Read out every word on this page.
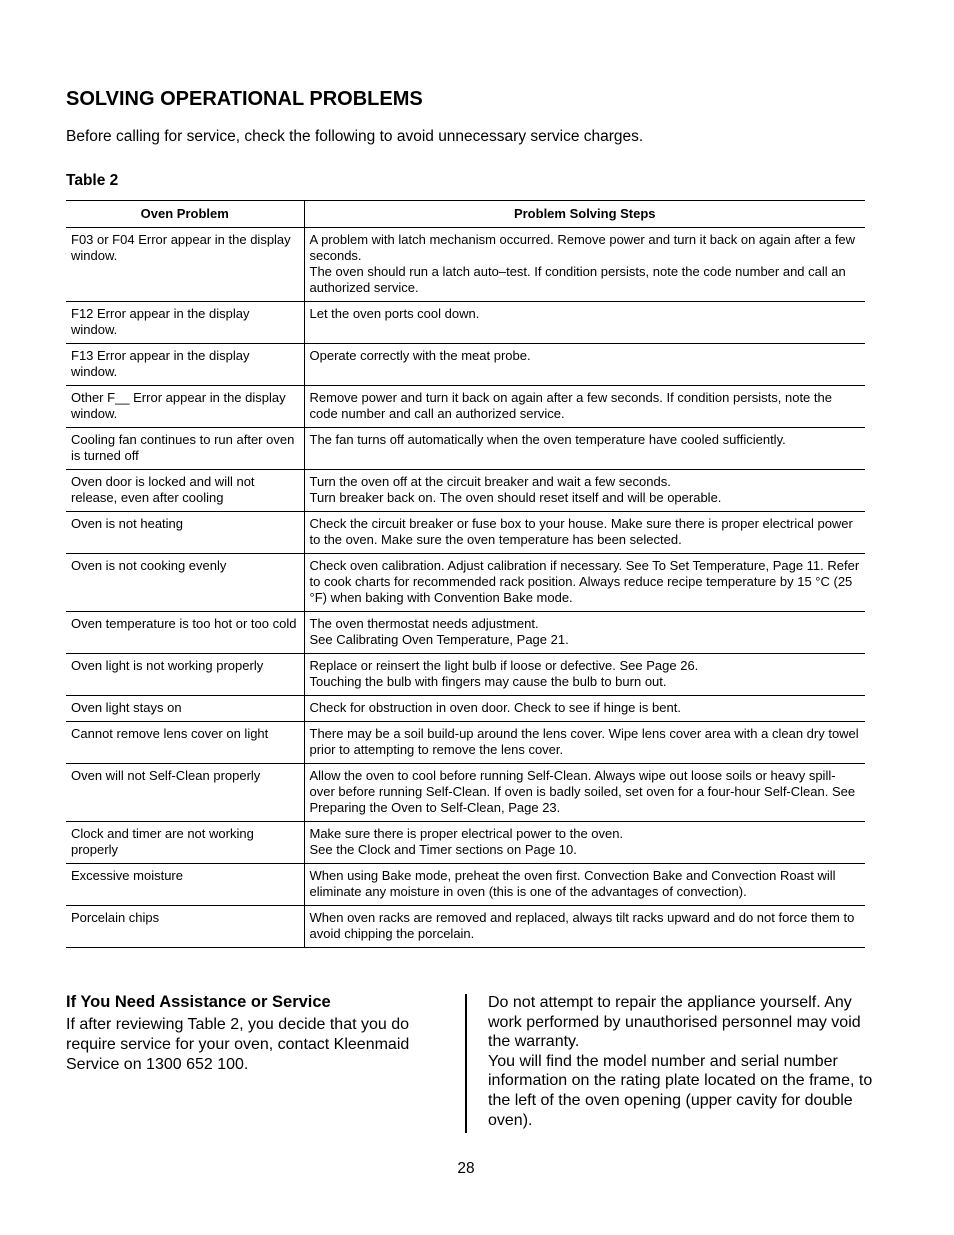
SOLVING OPERATIONAL PROBLEMS

Before calling for service, check the following to avoid unnecessary service charges.

Table 2
Oven Problem	Problem Solving Steps
F03 or F04 Error appear in the display window.	A problem with latch mechanism occurred. Remove power and turn it back on again after a few seconds.
The oven should run a latch auto–test. If condition persists, note the code number and call an authorized service.

F12 Error appear in the display window.	Let the oven ports cool down.

F13 Error appear in the display window.	Operate correctly with the meat probe.

Other F__ Error appear in the display window.	Remove power and turn it back on again after a few seconds. If condition persists, note the code number and call an authorized service.

Cooling fan continues to run after oven is turned off	The fan turns off automatically when the oven temperature have cooled sufficiently.

Oven door is locked and will not release, even after cooling	Turn the oven off at the circuit breaker and wait a few seconds.
Turn breaker back on. The oven should reset itself and will be operable.

Oven is not heating	Check the circuit breaker or fuse box to your house. Make sure there is proper electrical power to the oven. Make sure the oven temperature has been selected.

Oven is not cooking evenly	Check oven calibration. Adjust calibration if necessary. See To Set Temperature, Page 11. Refer to cook charts for recommended rack position. Always reduce recipe temperature by 15 °C (25 °F) when baking with Convention Bake mode.

Oven temperature is too hot or too cold	The oven thermostat needs adjustment.
See Calibrating Oven Temperature, Page 21.

Oven light is not working properly	Replace or reinsert the light bulb if loose or defective. See Page 26.
Touching the bulb with fingers may cause the bulb to burn out.

Oven light stays on	Check for obstruction in oven door. Check to see if hinge is bent.

Cannot remove lens cover on light	There may be a soil build-up around the lens cover. Wipe lens cover area with a clean dry towel prior to attempting to remove the lens cover.

Oven will not Self-Clean properly	Allow the oven to cool before running Self-Clean. Always wipe out loose soils or heavy spill-over before running Self-Clean. If oven is badly soiled, set oven for a four-hour Self-Clean. See Preparing the Oven to Self-Clean, Page 23.

Clock and timer are not working properly	Make sure there is proper electrical power to the oven.
See the Clock and Timer sections on Page 10.

Excessive moisture	When using Bake mode, preheat the oven first. Convection Bake and Convection Roast will eliminate any moisture in oven (this is one of the advantages of convection).

Porcelain chips	When oven racks are removed and replaced, always tilt racks upward and do not force them to avoid chipping the porcelain.
If You Need Assistance or Service
If after reviewing Table 2, you decide that you do require service for your oven, contact Kleenmaid Service on 1300 652 100.

Do not attempt to repair the appliance yourself. Any work performed by unauthorised personnel may void the warranty.

You will find the model number and serial number information on the rating plate located on the frame, to the left of the oven opening (upper cavity for double oven).

28
